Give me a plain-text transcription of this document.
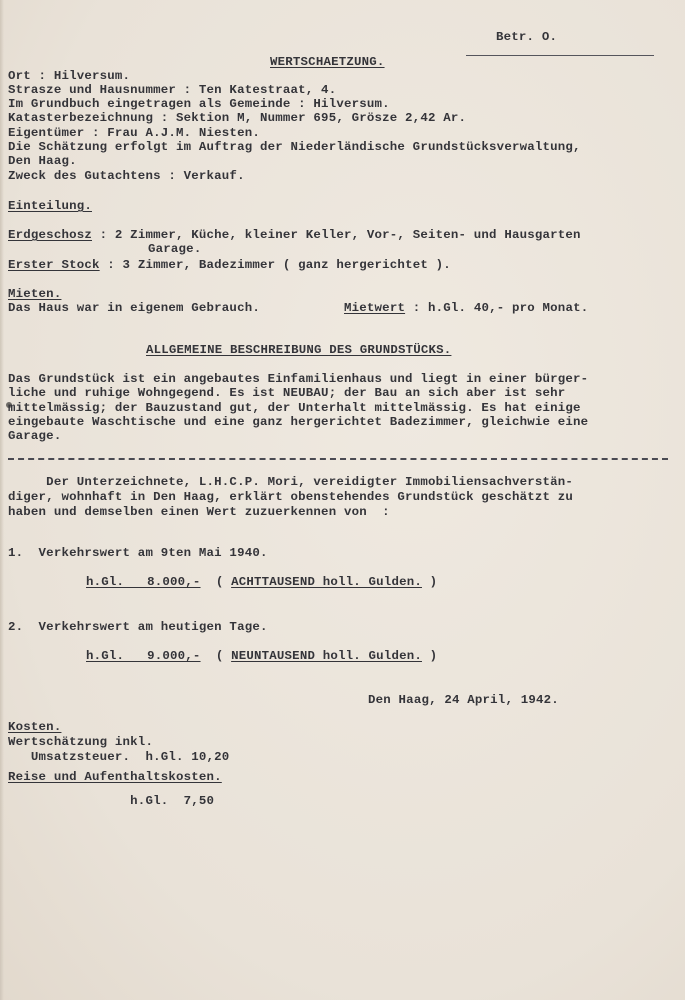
Betr. O.
WERTSCHAETZUNG.
Ort : Hilversum.
Strasze und Hausnummer : Ten Katestraat, 4.
Im Grundbuch eingetragen als Gemeinde : Hilversum.
Katasterbezeichnung : Sektion M, Nummer 695, Grösze 2,42 Ar.
Eigentümer : Frau A.J.M. Niesten.
Die Schätzung erfolgt im Auftrag der Niederländische Grundstücksverwaltung,
Den Haag.
Zweck des Gutachtens : Verkauf.
Einteilung.
Erdgeschosz : 2 Zimmer, Küche, kleiner Keller, Vor-, Seiten- und Hausgarten
Garage.
Erster Stock : 3 Zimmer, Badezimmer ( ganz hergerichtet ).
Mieten.
Das Haus war in eigenem Gebrauch.	Mietwert : h.Gl. 40,- pro Monat.
ALLGEMEINE BESCHREIBUNG DES GRUNDSTÜCKS.
Das Grundstück ist ein angebautes Einfamilienhaus und liegt in einer bürger-
liche und ruhige Wohngegend. Es ist NEUBAU; der Bau an sich aber ist sehr
mittelmässig; der Bauzustand gut, der Unterhalt mittelmässig. Es hat einige
eingebaute Waschtische und eine ganz hergerichtet Badezimmer, gleichwie eine
Garage.
Der Unterzeichnete, L.H.C.P. Mori, vereidigter Immobiliensachverstän-
diger, wohnhaft in Den Haag, erklärt obenstehendes Grundstück geschätzt zu
haben und demselben einen Wert zuzuerkennen von  :
1.  Verkehrswert am 9ten Mai 1940.
h.Gl.   8.000,-  ( ACHTTAUSEND holl. Gulden. )
2.  Verkehrswert am heutigen Tage.
h.Gl.   9.000,-  ( NEUNTAUSEND holl. Gulden. )
Den Haag, 24 April, 1942.
Kosten.
Wertschätzung inkl.
Umsatzsteuer.  h.Gl. 10,20
Reise und Aufenthaltskosten.
h.Gl.  7,50
